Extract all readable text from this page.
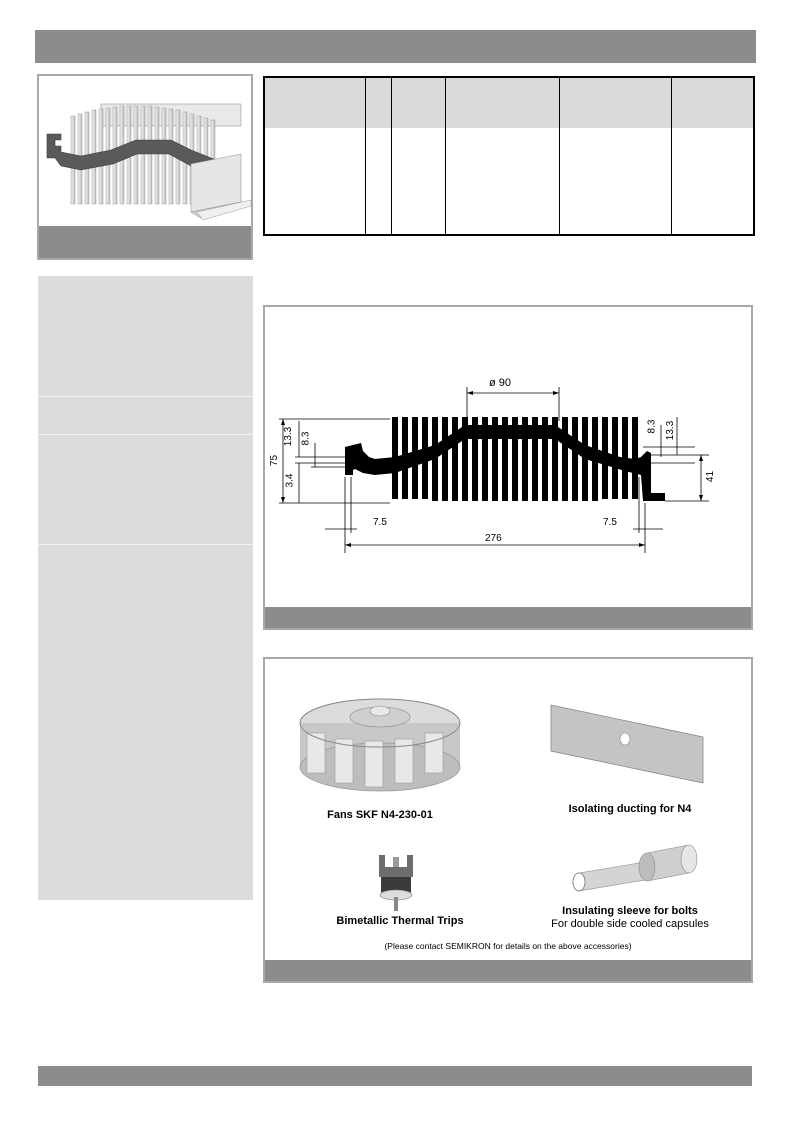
ø 90
75
13.3 8.3
3.4
8.3 13.3
41
7.5	7.5
276
Fans SKF N4-230-01	Isolating ducting for N4
Bimetallic Thermal Trips
Insulating sleeve for bolts
For double side cooled capsules
(Please contact SEMIKRON for details on the above accessories)
